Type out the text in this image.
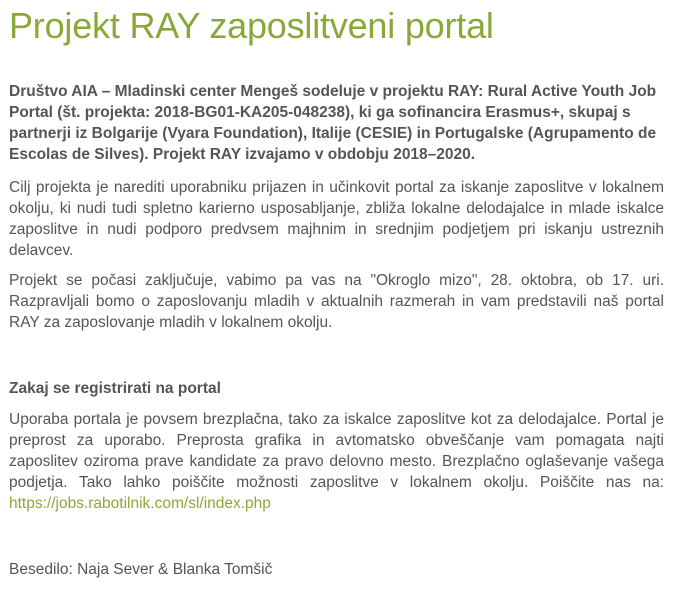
Projekt RAY zaposlitveni portal

Društvo AIA – Mladinski center Mengeš sodeluje v projektu RAY: Rural Active Youth Job Portal (št. projekta: 2018-BG01-KA205-048238), ki ga sofinancira Erasmus+, skupaj s partnerji iz Bolgarije (Vyara Foundation), Italije (CESIE) in Portugalske (Agrupamento de Escolas de Silves). Projekt RAY izvajamo v obdobju 2018–2020.

Cilj projekta je narediti uporabniku prijazen in učinkovit portal za iskanje zaposlitve v lokalnem okolju, ki nudi tudi spletno karierno usposabljanje, zbliža lokalne delodajalce in mlade iskalce zaposlitve in nudi podporo predvsem majhnim in srednjim podjetjem pri iskanju ustreznih delavcev.

Projekt se počasi zaključuje, vabimo pa vas na "Okroglo mizo", 28. oktobra, ob 17. uri. Razpravljali bomo o zaposlovanju mladih v aktualnih razmerah in vam predstavili naš portal RAY za zaposlovanje mladih v lokalnem okolju.

Zakaj se registrirati na portal

Uporaba portala je povsem brezplačna, tako za iskalce zaposlitve kot za delodajalce. Portal je preprost za uporabo. Preprosta grafika in avtomatsko obveščanje vam pomagata najti zaposlitev oziroma prave kandidate za pravo delovno mesto. Brezplačno oglaševanje vašega podjetja. Tako lahko poiščite možnosti zaposlitve v lokalnem okolju. Poiščite nas na: https://jobs.rabotilnik.com/sl/index.php

Besedilo: Naja Sever & Blanka Tomšič
